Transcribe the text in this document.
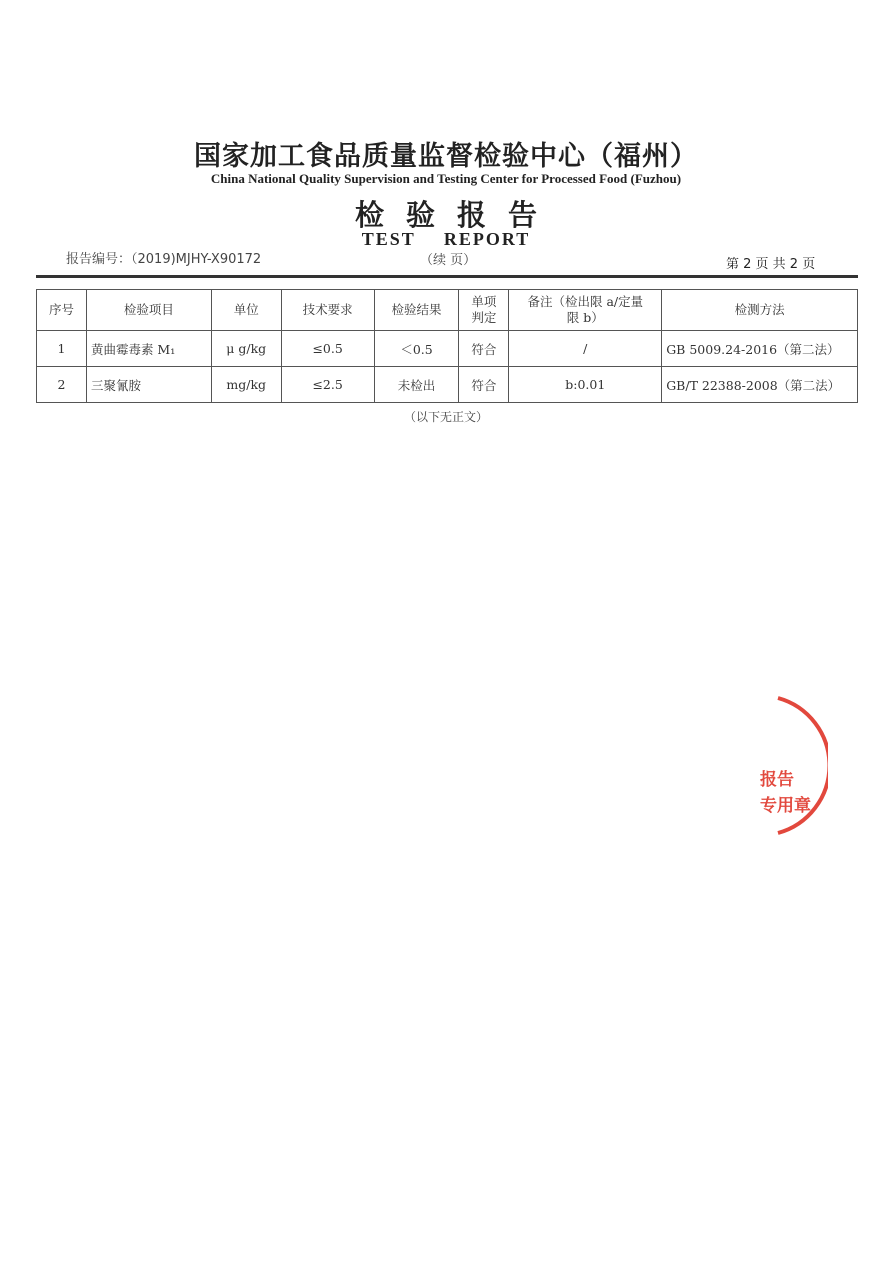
国家加工食品质量监督检验中心（福州）
China National Quality Supervision and Testing Center for Processed Food (Fuzhou)
检验报告
TEST REPORT
报告编号：（2019)MJHY-X90172	（续 页）	第 2 页 共 2 页
序号	检验项目	单位	技术要求	检验结果	单项判定	备注（检出限 a/定量限 b）	检测方法
1	黄曲霉毒素 M₁	μ g/kg	≤0.5	＜0.5	符合	/	GB 5009.24-2016（第二法）
2	三聚氰胺	mg/kg	≤2.5	未检出	符合	b:0.01	GB/T 22388-2008（第二法）
（以下无正文）
报告
专用章
